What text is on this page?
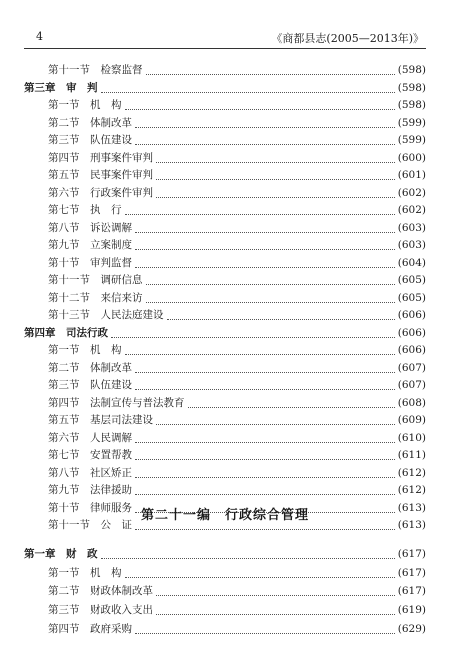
4	《商都县志(2005—2013年)》
第十一节　检察监督	(598)
第三章　审　判	(598)
第一节　机　构	(598)
第二节　体制改革	(599)
第三节　队伍建设	(599)
第四节　刑事案件审判	(600)
第五节　民事案件审判	(601)
第六节　行政案件审判	(602)
第七节　执　行	(602)
第八节　诉讼调解	(603)
第九节　立案制度	(603)
第十节　审判监督	(604)
第十一节　调研信息	(605)
第十二节　来信来访	(605)
第十三节　人民法庭建设	(606)
第四章　司法行政	(606)
第一节　机　构	(606)
第二节　体制改革	(607)
第三节　队伍建设	(607)
第四节　法制宣传与普法教育	(608)
第五节　基层司法建设	(609)
第六节　人民调解	(610)
第七节　安置帮教	(611)
第八节　社区矫正	(612)
第九节　法律援助	(612)
第十节　律师服务	(613)
第十一节　公　证	(613)
第二十一编　行政综合管理
第一章　财　政	(617)
第一节　机　构	(617)
第二节　财政体制改革	(617)
第三节　财政收入支出	(619)
第四节　政府采购	(629)
